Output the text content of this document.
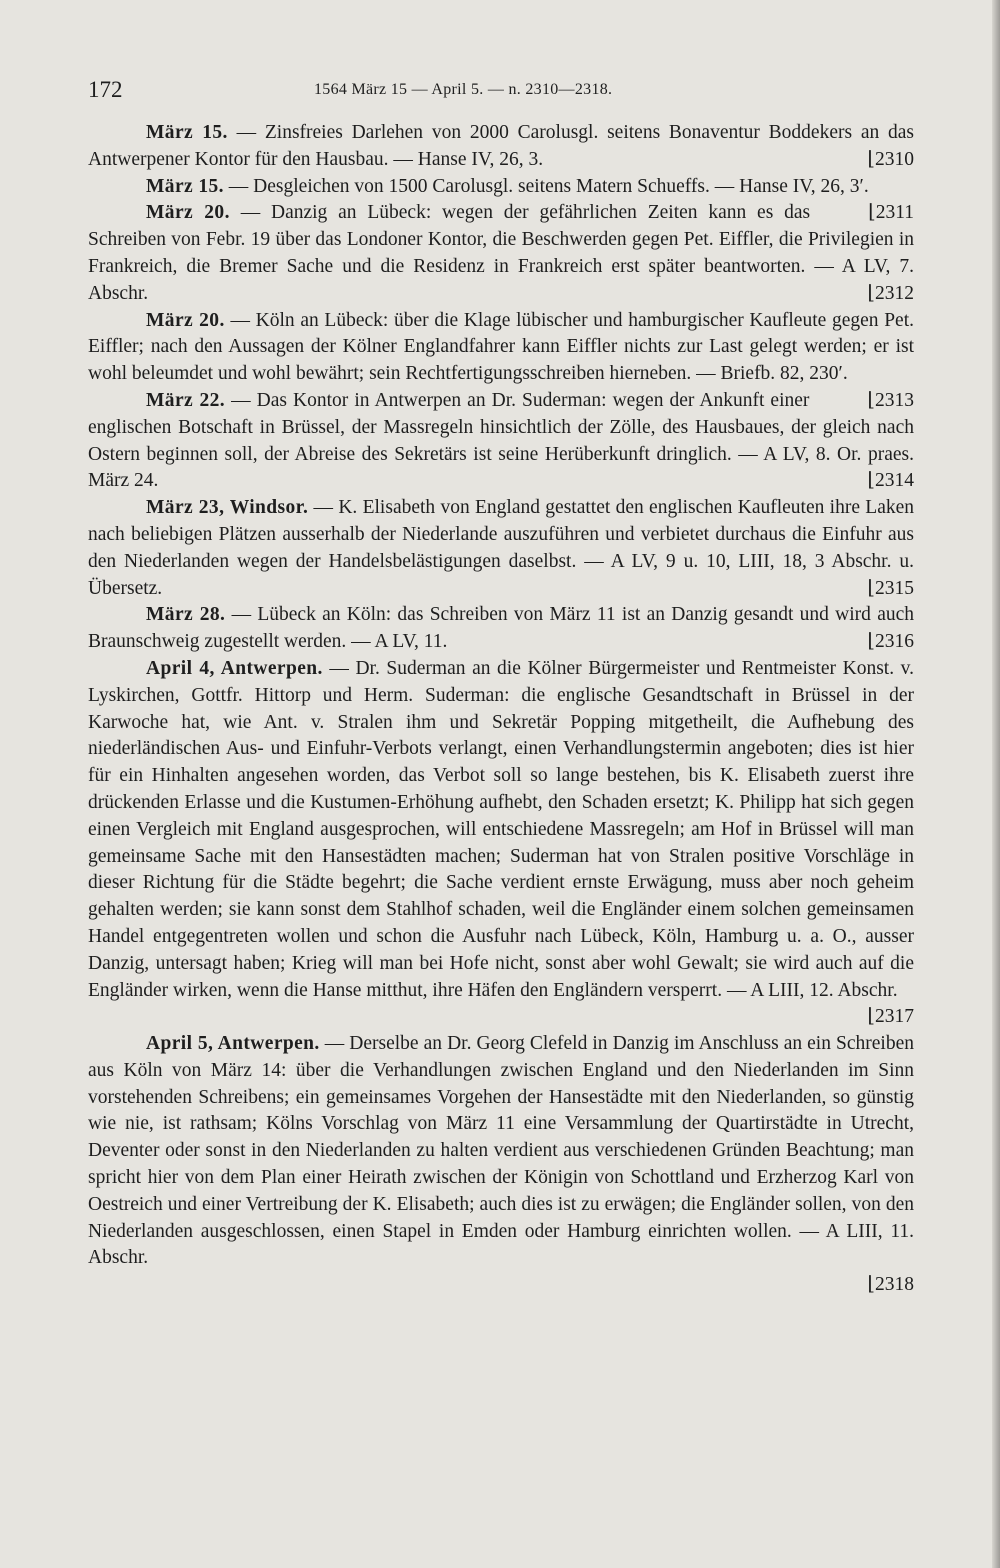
172	1564 März 15 — April 5. — n. 2310—2318.

März 15. — Zinsfreies Darlehen von 2000 Carolusgl. seitens Bonaventur Boddekers an das Antwerpener Kontor für den Hausbau. — Hanse IV, 26, 3.	⌊2310

März 15. — Desgleichen von 1500 Carolusgl. seitens Matern Schueffs. — Hanse IV, 26, 3′.
⌊2311

März 20. — Danzig an Lübeck: wegen der gefährlichen Zeiten kann es das Schreiben von Febr. 19 über das Londoner Kontor, die Beschwerden gegen Pet. Eiffler, die Privilegien in Frankreich, die Bremer Sache und die Residenz in Frankreich erst später beantworten. — A LV, 7. Abschr.	⌊2312

März 20. — Köln an Lübeck: über die Klage lübischer und hamburgischer Kaufleute gegen Pet. Eiffler; nach den Aussagen der Kölner Englandfahrer kann Eiffler nichts zur Last gelegt werden; er ist wohl beleumdet und wohl bewährt; sein Rechtfertigungsschreiben hierneben. — Briefb. 82, 230′.
⌊2313

März 22. — Das Kontor in Antwerpen an Dr. Suderman: wegen der Ankunft einer englischen Botschaft in Brüssel, der Massregeln hinsichtlich der Zölle, des Hausbaues, der gleich nach Ostern beginnen soll, der Abreise des Sekretärs ist seine Herüberkunft dringlich. — A LV, 8. Or. praes. März 24.	⌊2314

März 23, Windsor. — K. Elisabeth von England gestattet den englischen Kaufleuten ihre Laken nach beliebigen Plätzen ausserhalb der Niederlande auszuführen und verbietet durchaus die Einfuhr aus den Niederlanden wegen der Handelsbelästigungen daselbst. — A LV, 9 u. 10, LIII, 18, 3 Abschr. u. Übersetz.	⌊2315

März 28. — Lübeck an Köln: das Schreiben von März 11 ist an Danzig gesandt und wird auch Braunschweig zugestellt werden. — A LV, 11.	⌊2316

April 4, Antwerpen. — Dr. Suderman an die Kölner Bürgermeister und Rentmeister Konst. v. Lyskirchen, Gottfr. Hittorp und Herm. Suderman: die englische Gesandtschaft in Brüssel in der Karwoche hat, wie Ant. v. Stralen ihm und Sekretär Popping mitgetheilt, die Aufhebung des niederländischen Aus- und Einfuhr-Verbots verlangt, einen Verhandlungstermin angeboten; dies ist hier für ein Hinhalten angesehen worden, das Verbot soll so lange bestehen, bis K. Elisabeth zuerst ihre drückenden Erlasse und die Kustumen-Erhöhung aufhebt, den Schaden ersetzt; K. Philipp hat sich gegen einen Vergleich mit England ausgesprochen, will entschiedene Massregeln; am Hof in Brüssel will man gemeinsame Sache mit den Hansestädten machen; Suderman hat von Stralen positive Vorschläge in dieser Richtung für die Städte begehrt; die Sache verdient ernste Erwägung, muss aber noch geheim gehalten werden; sie kann sonst dem Stahlhof schaden, weil die Engländer einem solchen gemeinsamen Handel entgegentreten wollen und schon die Ausfuhr nach Lübeck, Köln, Hamburg u. a. O., ausser Danzig, untersagt haben; Krieg will man bei Hofe nicht, sonst aber wohl Gewalt; sie wird auch auf die Engländer wirken, wenn die Hanse mitthut, ihre Häfen den Engländern versperrt. — A LIII, 12. Abschr.
⌊2317

April 5, Antwerpen. — Derselbe an Dr. Georg Clefeld in Danzig im Anschluss an ein Schreiben aus Köln von März 14: über die Verhandlungen zwischen England und den Niederlanden im Sinn vorstehenden Schreibens; ein gemeinsames Vorgehen der Hansestädte mit den Niederlanden, so günstig wie nie, ist rathsam; Kölns Vorschlag von März 11 eine Versammlung der Quartirstädte in Utrecht, Deventer oder sonst in den Niederlanden zu halten verdient aus verschiedenen Gründen Beachtung; man spricht hier von dem Plan einer Heirath zwischen der Königin von Schottland und Erzherzog Karl von Oestreich und einer Vertreibung der K. Elisabeth; auch dies ist zu erwägen; die Engländer sollen, von den Niederlanden ausgeschlossen, einen Stapel in Emden oder Hamburg einrichten wollen. — A LIII, 11. Abschr.
⌊2318
